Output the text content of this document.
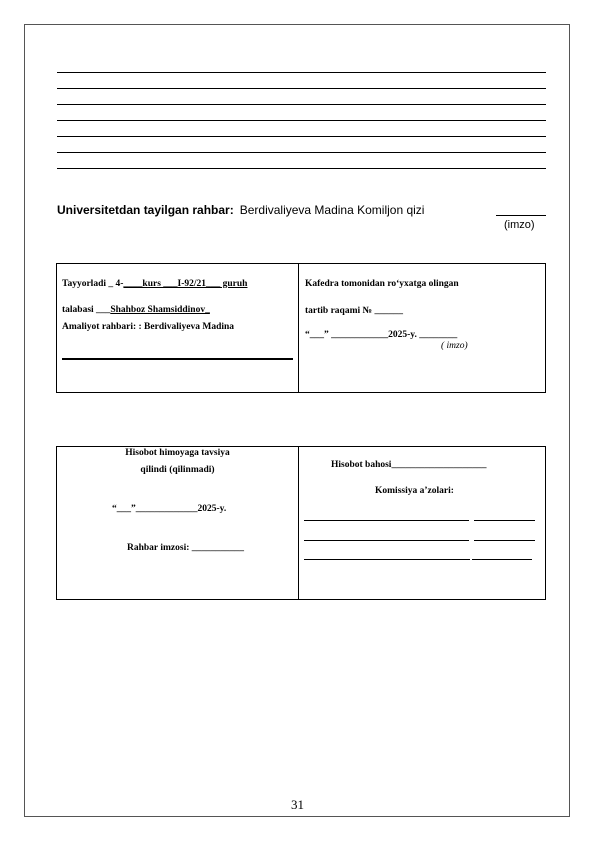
Universitetdan tayilgan rahbar: Berdivaliyeva Madina Komiljon qizi
(imzo)
Tayyorladi _ 4-____kurs ___I-92/21___ guruh
talabasi ___Shahboz Shamsiddinov_
Amaliyot rahbari: : Berdivaliyeva Madina
Kafedra tomonidan ro‘yxatga olingan
tartib raqami № ______
“___” ____________2025-y. ________
( imzo)
Hisobot himoyaga tavsiya
qilindi (qilinmadi)
“___”_____________2025-y.
Rahbar imzosi: ___________
Hisobot bahosi____________________
Komissiya a’zolari:
31
